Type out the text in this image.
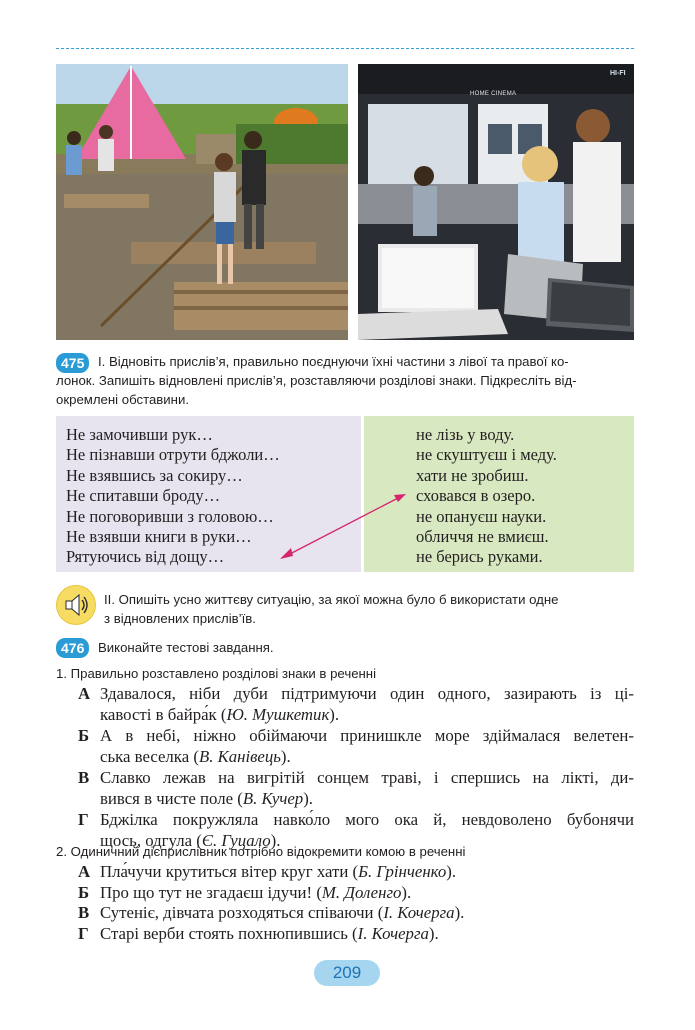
HOME CINEMA
HI-FI
475	І. Відновіть прислів’я, правильно поєднуючи їхні частини з лівої та правої ко-
лонок. Запишіть відновлені прислів’я, розставляючи розділові знаки. Підкресліть від-
окремлені обставини.
Не замочивши рук…
Не пізнавши отрути бджоли…
Не взявшись за сокиру…
Не спитавши броду…
Не поговоривши з головою…
Не взявши книги в руки…
Рятуючись від дощу…
не лізь у воду.
не скуштуєш і меду.
хати не зробиш.
сховався в озеро.
не опануєш науки.
обличчя не вмиєш.
не берись руками.
ІІ. Опишіть усно життєву ситуацію, за якої можна було б використати одне
з відновлених прислів’їв.
476	Виконайте тестові завдання.
1. Правильно розставлено розділові знаки в реченні
А Здавалося, ніби дуби підтримуючи один одного, зазирають із ці-
кавості в байра́к (Ю. Мушкетик).
Б А в небі, ніжно обіймаючи принишкле море здіймалася велетен-
ська веселка (В. Канівець).
В Славко лежав на вигрітій сонцем траві, і спершись на лікті, ди-
вився в чисте поле (В. Кучер).
Г Бджілка покружляла навко́ло мого ока й, невдоволено бубонячи
щось, одгула (Є. Гуцало).
2. Одиничний дієприслівник потрібно відокремити комою в реченні
А Пла́чучи крутиться вітер круг хати (Б. Грінченко).
Б Про що тут не згадаєш ідучи! (М. Доленго).
В Сутеніє, дівчата розходяться співаючи (І. Кочерга).
Г Старі верби стоять похнюпившись (І. Кочерга).
209
